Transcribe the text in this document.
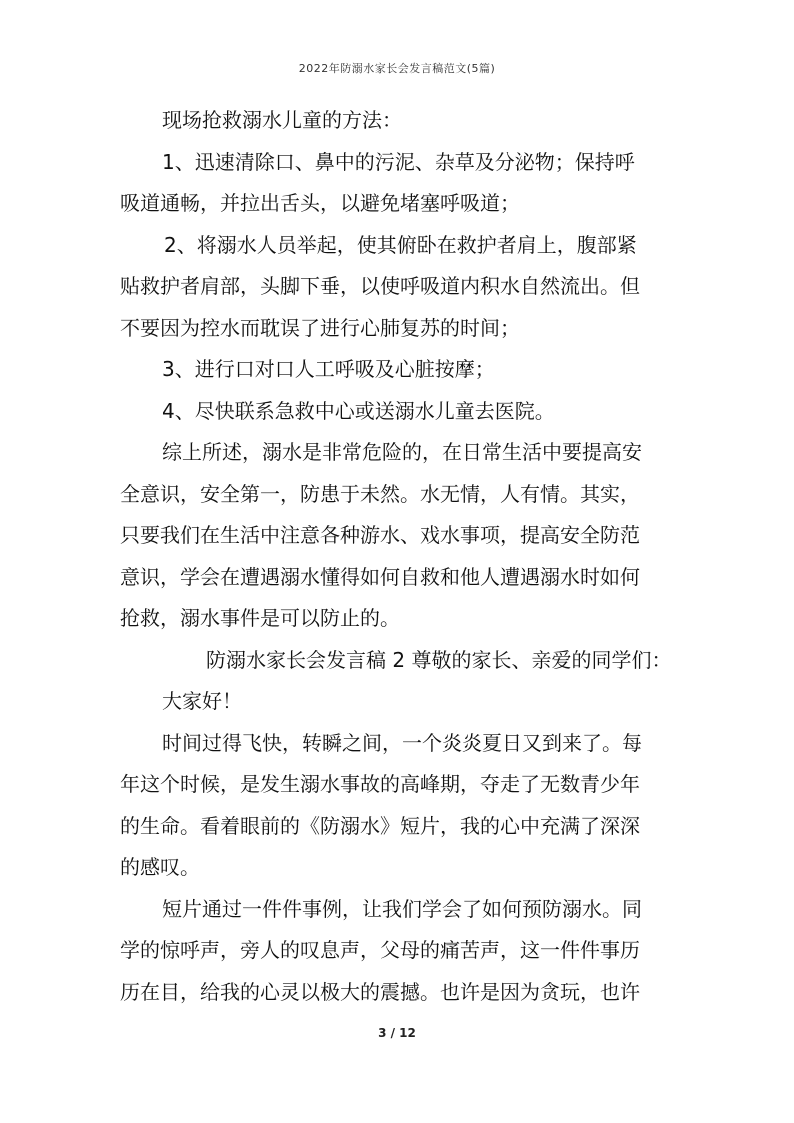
2022年防溺水家长会发言稿范文(5篇)
现场抢救溺水儿童的方法：
1、迅速清除口、鼻中的污泥、杂草及分泌物；保持呼
吸道通畅，并拉出舌头，以避免堵塞呼吸道；
2、将溺水人员举起，使其俯卧在救护者肩上，腹部紧
贴救护者肩部，头脚下垂，以使呼吸道内积水自然流出。但
不要因为控水而耽误了进行心肺复苏的时间；
3、进行口对口人工呼吸及心脏按摩；
4、尽快联系急救中心或送溺水儿童去医院。
综上所述，溺水是非常危险的，在日常生活中要提高安
全意识，安全第一，防患于未然。水无情，人有情。其实，
只要我们在生活中注意各种游水、戏水事项，提高安全防范
意识，学会在遭遇溺水懂得如何自救和他人遭遇溺水时如何
抢救，溺水事件是可以防止的。
防溺水家长会发言稿 2 尊敬的家长、亲爱的同学们：
大家好！
时间过得飞快，转瞬之间，一个炎炎夏日又到来了。每
年这个时候，是发生溺水事故的高峰期，夺走了无数青少年
的生命。看着眼前的《防溺水》短片，我的心中充满了深深
的感叹。
短片通过一件件事例，让我们学会了如何预防溺水。同
学的惊呼声，旁人的叹息声，父母的痛苦声，这一件件事历
历在目，给我的心灵以极大的震撼。也许是因为贪玩，也许
3 / 12
